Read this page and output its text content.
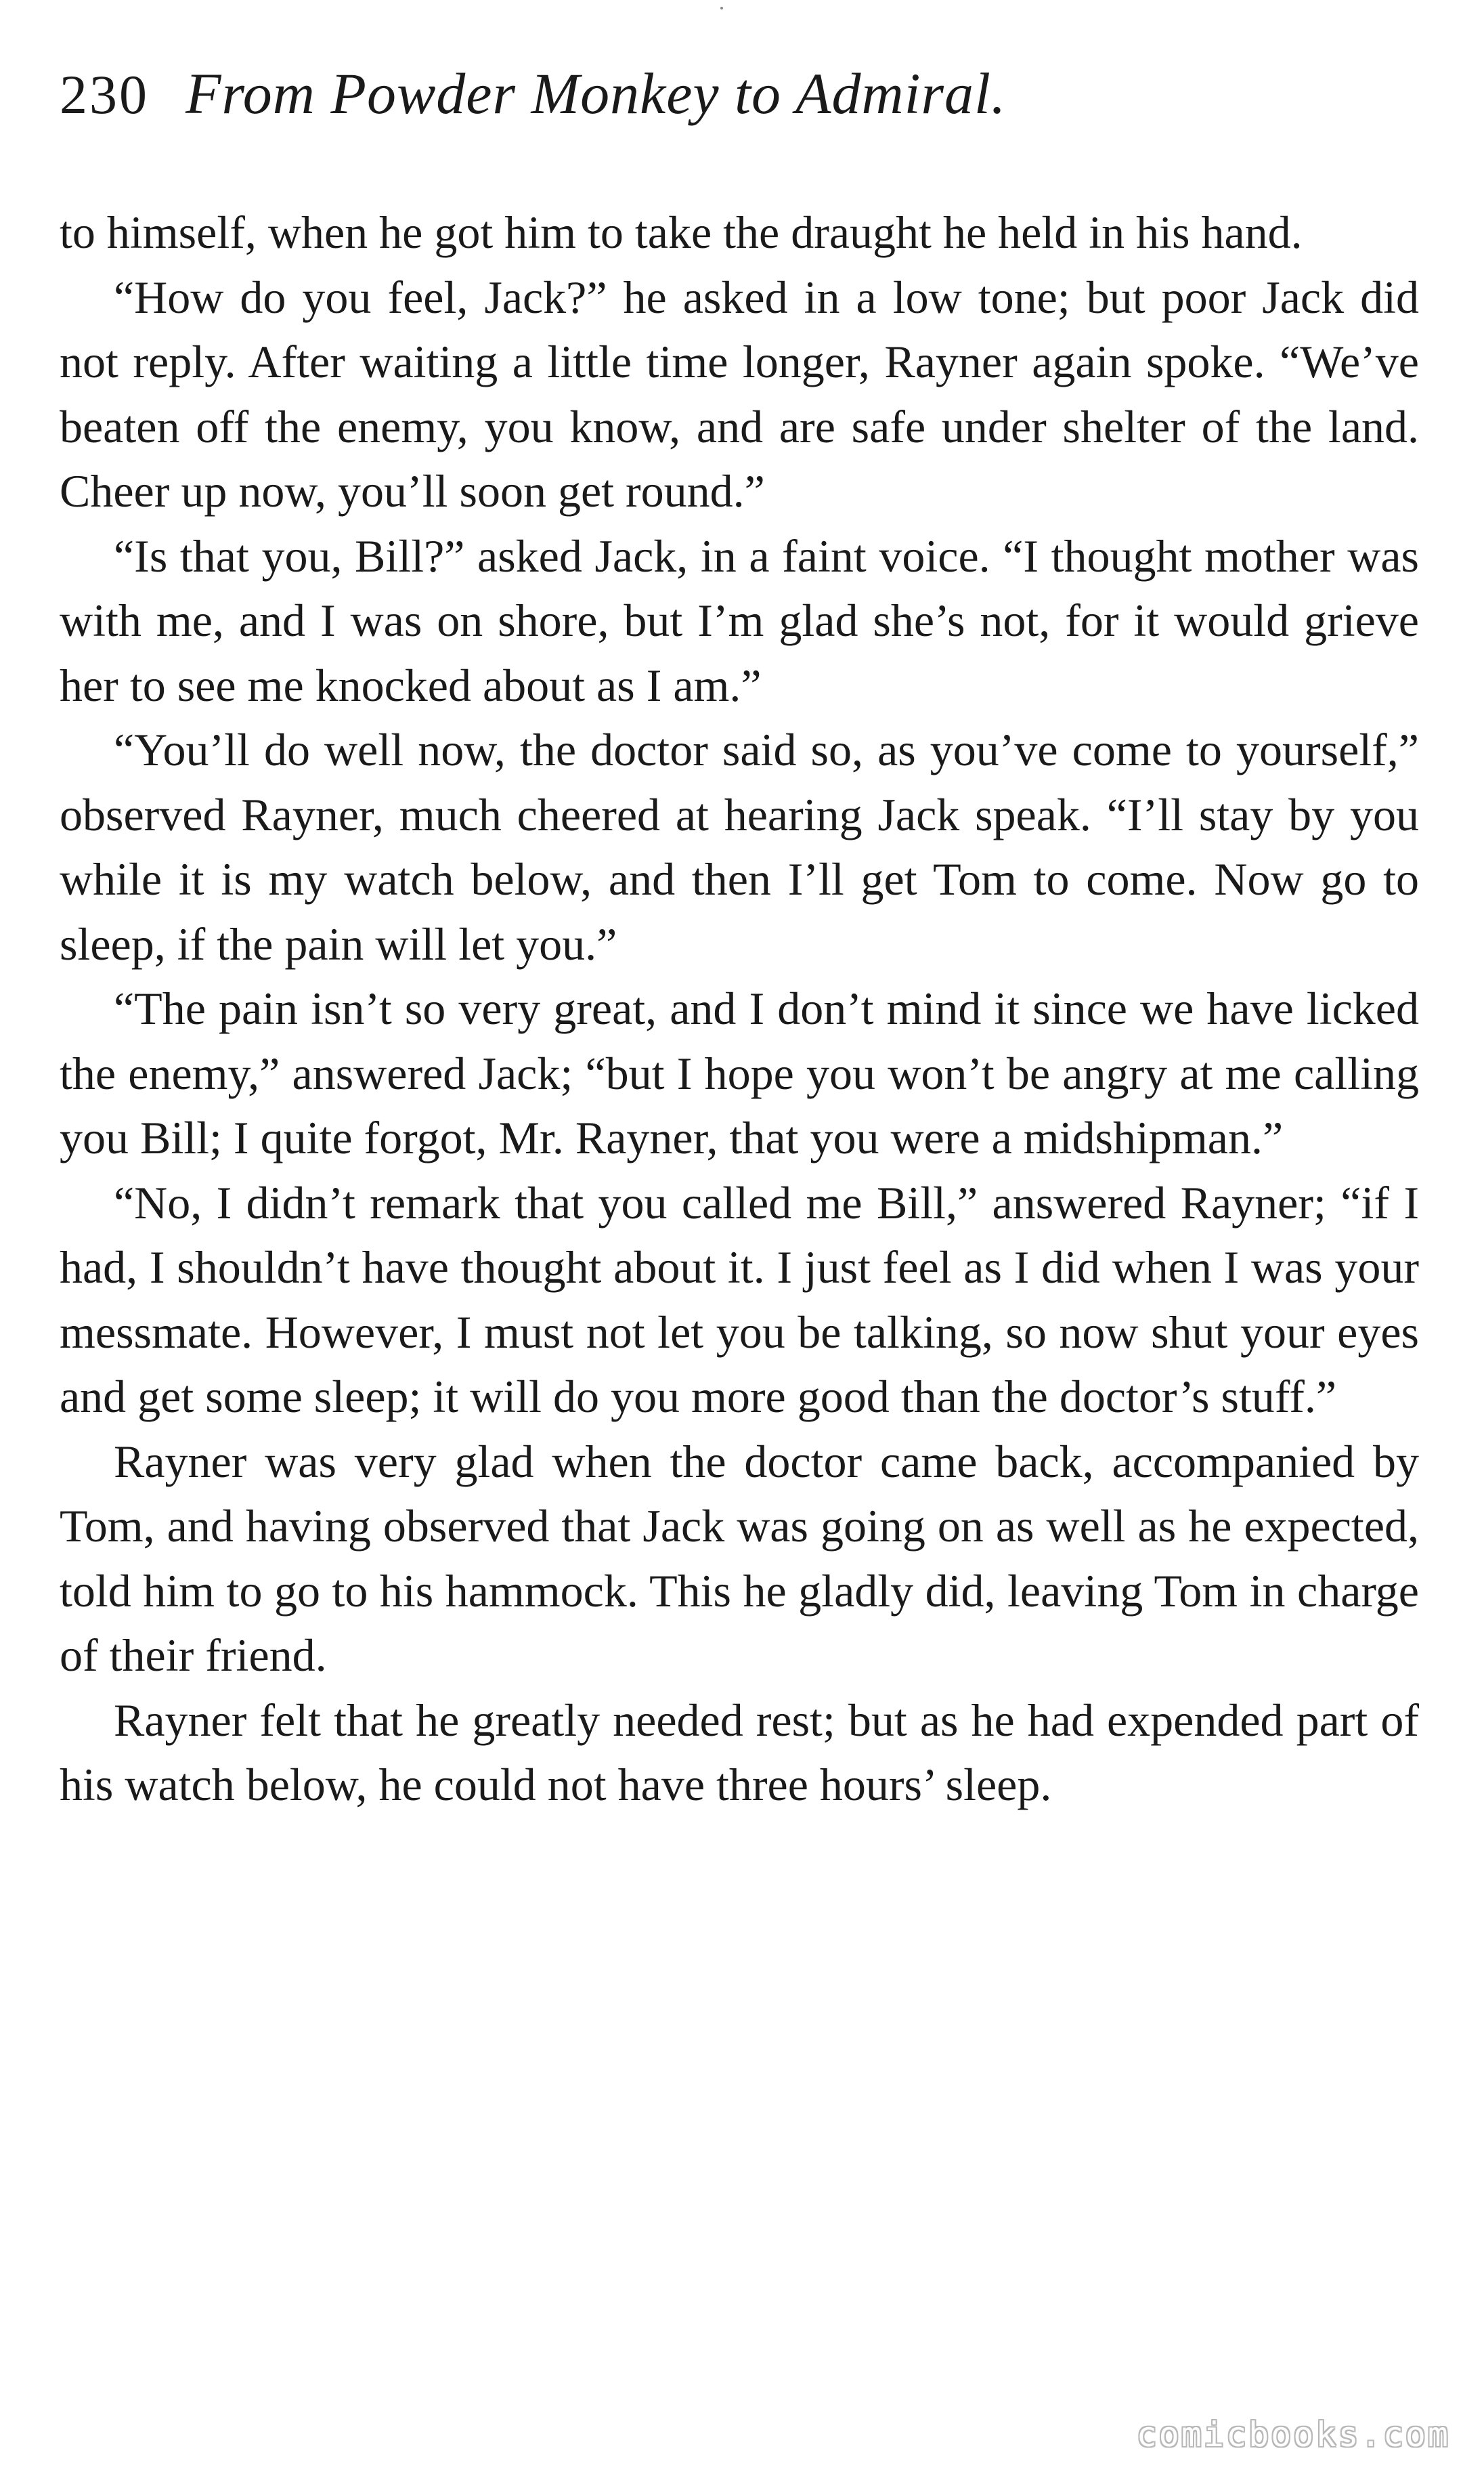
230 From Powder Monkey to Admiral.

to himself, when he got him to take the draught he held in his hand.

“How do you feel, Jack?” he asked in a low tone; but poor Jack did not reply. After waiting a little time longer, Rayner again spoke. “We’ve beaten off the enemy, you know, and are safe under shelter of the land. Cheer up now, you’ll soon get round.”

“Is that you, Bill?” asked Jack, in a faint voice. “I thought mother was with me, and I was on shore, but I’m glad she’s not, for it would grieve her to see me knocked about as I am.”

“You’ll do well now, the doctor said so, as you’ve come to yourself,” observed Rayner, much cheered at hearing Jack speak. “I’ll stay by you while it is my watch below, and then I’ll get Tom to come. Now go to sleep, if the pain will let you.”

“The pain isn’t so very great, and I don’t mind it since we have licked the enemy,” answered Jack; “but I hope you won’t be angry at me calling you Bill; I quite forgot, Mr. Rayner, that you were a midshipman.”

“No, I didn’t remark that you called me Bill,” answered Rayner; “if I had, I shouldn’t have thought about it. I just feel as I did when I was your messmate. However, I must not let you be talking, so now shut your eyes and get some sleep; it will do you more good than the doctor’s stuff.”

Rayner was very glad when the doctor came back, accompanied by Tom, and having observed that Jack was going on as well as he expected, told him to go to his hammock. This he gladly did, leaving Tom in charge of their friend.

Rayner felt that he greatly needed rest; but as he had expended part of his watch below, he could not have three hours’ sleep.

comicbooks.com
